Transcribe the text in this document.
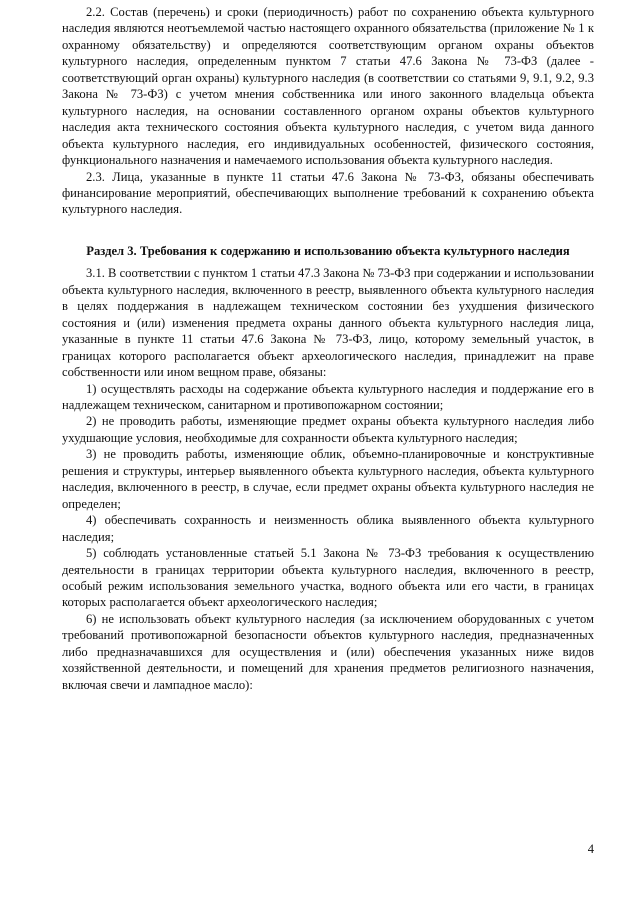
2.2. Состав (перечень) и сроки (периодичность) работ по сохранению объекта культурного наследия являются неотъемлемой частью настоящего охранного обязательства (приложение № 1 к охранному обязательству) и определяются соответствующим органом охраны объектов культурного наследия, определенным пунктом 7 статьи 47.6 Закона № 73-ФЗ (далее - соответствующий орган охраны) культурного наследия (в соответствии со статьями 9, 9.1, 9.2, 9.3 Закона № 73-ФЗ) с учетом мнения собственника или иного законного владельца объекта культурного наследия, на основании составленного органом охраны объектов культурного наследия акта технического состояния объекта культурного наследия, с учетом вида данного объекта культурного наследия, его индивидуальных особенностей, физического состояния, функционального назначения и намечаемого использования объекта культурного наследия.

2.3. Лица, указанные в пункте 11 статьи 47.6 Закона № 73-ФЗ, обязаны обеспечивать финансирование мероприятий, обеспечивающих выполнение требований к сохранению объекта культурного наследия.

Раздел 3. Требования к содержанию и использованию объекта культурного наследия

3.1. В соответствии с пунктом 1 статьи 47.3 Закона № 73-ФЗ при содержании и использовании объекта культурного наследия, включенного в реестр, выявленного объекта культурного наследия в целях поддержания в надлежащем техническом состоянии без ухудшения физического состояния и (или) изменения предмета охраны данного объекта культурного наследия лица, указанные в пункте 11 статьи 47.6 Закона № 73-ФЗ, лицо, которому земельный участок, в границах которого располагается объект археологического наследия, принадлежит на праве собственности или ином вещном праве, обязаны:

1) осуществлять расходы на содержание объекта культурного наследия и поддержание его в надлежащем техническом, санитарном и противопожарном состоянии;

2) не проводить работы, изменяющие предмет охраны объекта культурного наследия либо ухудшающие условия, необходимые для сохранности объекта культурного наследия;

3) не проводить работы, изменяющие облик, объемно-планировочные и конструктивные решения и структуры, интерьер выявленного объекта культурного наследия, объекта культурного наследия, включенного в реестр, в случае, если предмет охраны объекта культурного наследия не определен;

4) обеспечивать сохранность и неизменность облика выявленного объекта культурного наследия;

5) соблюдать установленные статьей 5.1 Закона № 73-ФЗ требования к осуществлению деятельности в границах территории объекта культурного наследия, включенного в реестр, особый режим использования земельного участка, водного объекта или его части, в границах которых располагается объект археологического наследия;

6) не использовать объект культурного наследия (за исключением оборудованных с учетом требований противопожарной безопасности объектов культурного наследия, предназначенных либо предназначавшихся для осуществления и (или) обеспечения указанных ниже видов хозяйственной деятельности, и помещений для хранения предметов религиозного назначения, включая свечи и лампадное масло):

4
